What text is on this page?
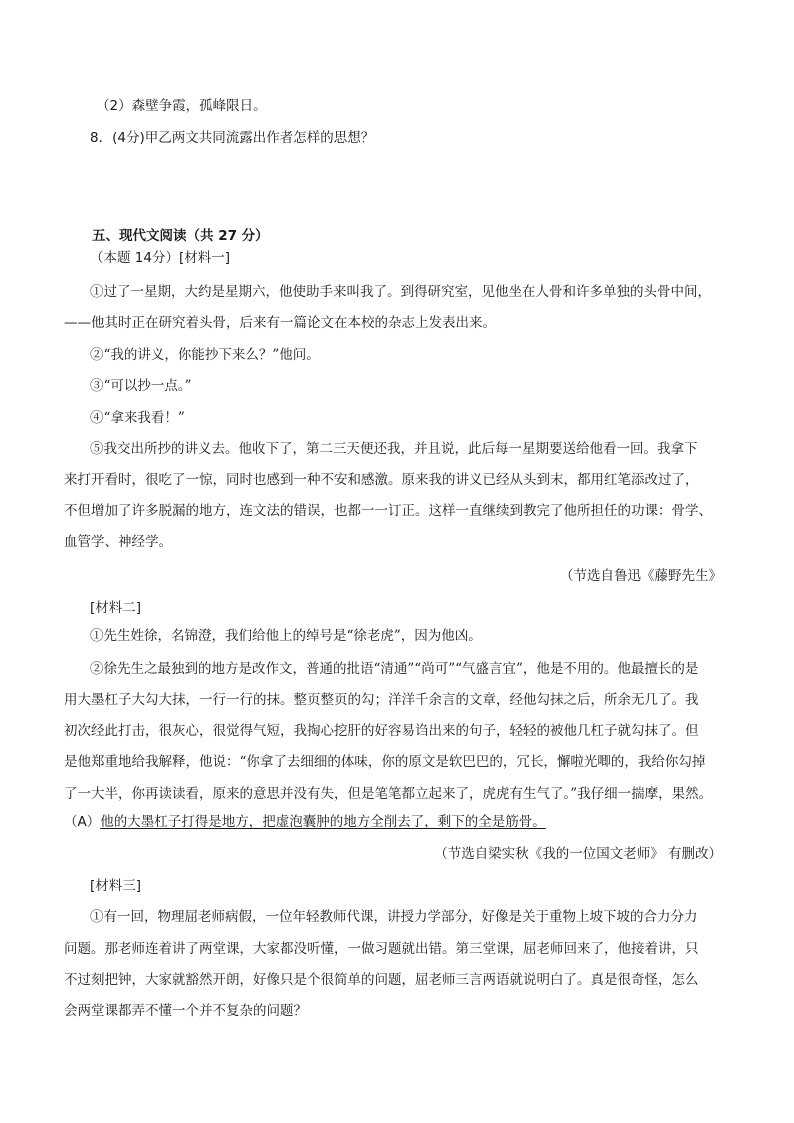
（2）森壁争霞，孤峰限日。

8．(4分)甲乙两文共同流露出作者怎样的思想？

五、现代文阅读（共 27 分）

（本题 14分）[材料一]

①过了一星期，大约是星期六，他使助手来叫我了。到得研究室，见他坐在人骨和许多单独的头骨中间，

——他其时正在研究着头骨，后来有一篇论文在本校的杂志上发表出来。

②“我的讲义，你能抄下来么？”他问。

③“可以抄一点。”

④“拿来我看！”

⑤我交出所抄的讲义去。他收下了，第二三天便还我，并且说，此后每一星期要送给他看一回。我拿下

来打开看时，很吃了一惊，同时也感到一种不安和感激。原来我的讲义已经从头到末，都用红笔添改过了，

不但增加了许多脱漏的地方，连文法的错误，也都一一订正。这样一直继续到教完了他所担任的功课：骨学、

血管学、神经学。

（节选自鲁迅《藤野先生》

[材料二]

①先生姓徐，名锦澄，我们给他上的绰号是“徐老虎”，因为他凶。

②徐先生之最独到的地方是改作文，普通的批语“清通”“尚可”“气盛言宜”，他是不用的。他最擅长的是

用大墨杠子大勾大抹，一行一行的抹。整页整页的勾；洋洋千余言的文章，经他勾抹之后，所余无几了。我

初次经此打击，很灰心，很觉得气短，我掏心挖肝的好容易诌出来的句子，轻轻的被他几杠子就勾抹了。但

是他郑重地给我解释，他说：“你拿了去细细的体味，你的原文是软巴巴的，冗长，懈啦光唧的，我给你勾掉

了一大半，你再读读看，原来的意思并没有失，但是笔笔都立起来了，虎虎有生气了。”我仔细一揣摩，果然。

（A）他的大墨杠子打得是地方，把虚泡囊肿的地方全削去了，剩下的全是筋骨。

（节选自梁实秋《我的一位国文老师》 有删改）

[材料三]

①有一回，物理屈老师病假，一位年轻教师代课，讲授力学部分，好像是关于重物上坡下坡的合力分力

问题。那老师连着讲了两堂课，大家都没听懂，一做习题就出错。第三堂课，屈老师回来了，他接着讲，只

不过刻把钟，大家就豁然开朗，好像只是个很简单的问题，屈老师三言两语就说明白了。真是很奇怪，怎么

会两堂课都弄不懂一个并不复杂的问题？
